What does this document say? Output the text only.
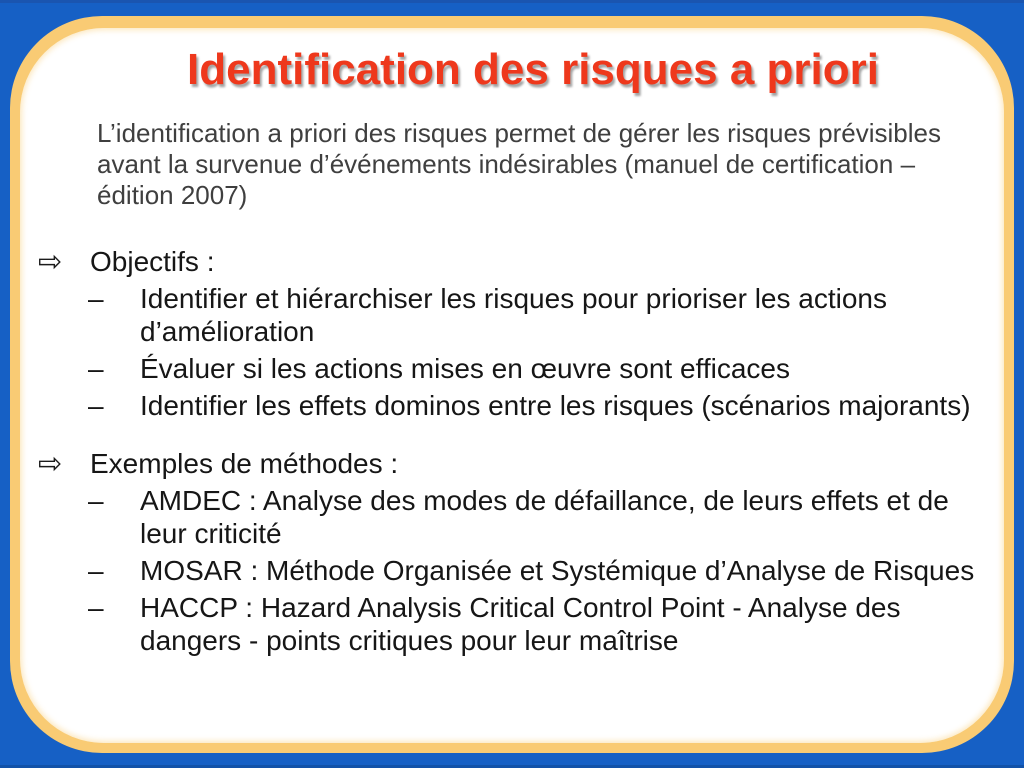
Identification des risques a priori
L’identification a priori des risques permet de gérer les risques prévisibles avant la survenue d’événements indésirables (manuel de certification – édition 2007)
⇨ Objectifs :
–	Identifier et hiérarchiser les risques pour prioriser les actions d’amélioration
–	Évaluer si les actions mises en œuvre sont efficaces
–	Identifier les effets dominos entre les risques (scénarios majorants)
⇨ Exemples de méthodes :
–	AMDEC : Analyse des modes de défaillance, de leurs effets et de leur criticité
–	MOSAR : Méthode Organisée et Systémique d’Analyse de Risques
–	HACCP : Hazard Analysis Critical Control Point - Analyse des dangers - points critiques pour leur maîtrise
